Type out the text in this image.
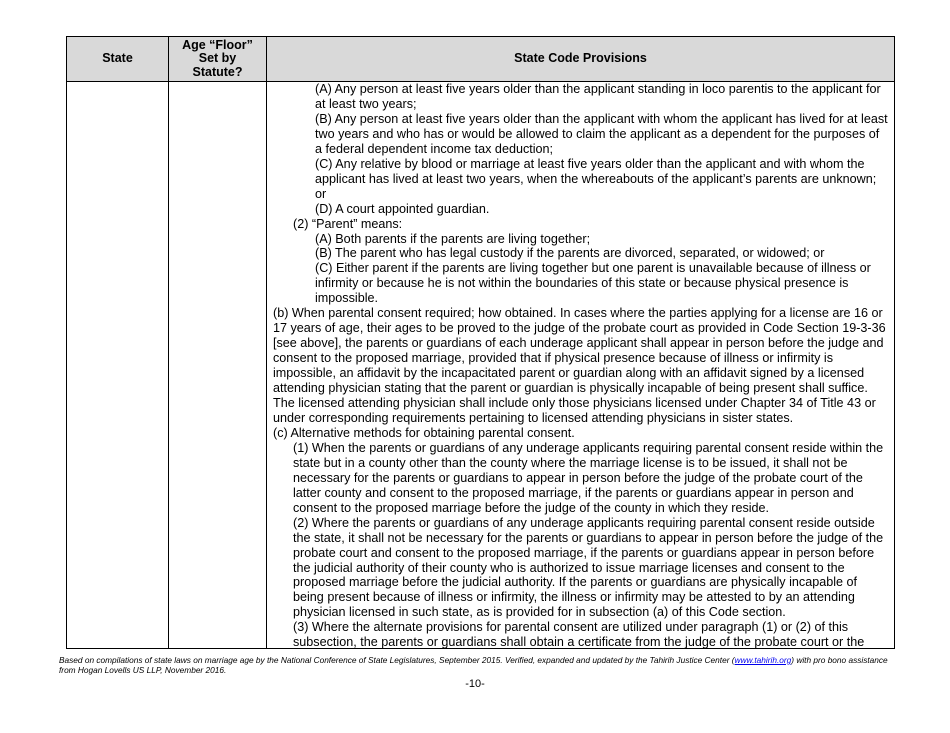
State
Age “Floor”
Set by
Statute?
State Code Provisions

(A) Any person at least five years older than the applicant standing in loco parentis to the applicant for at least two years;

(B) Any person at least five years older than the applicant with whom the applicant has lived for at least two years and who has or would be allowed to claim the applicant as a dependent for the purposes of a federal dependent income tax deduction;

(C) Any relative by blood or marriage at least five years older than the applicant and with whom the applicant has lived at least two years, when the whereabouts of the applicant’s parents are unknown; or

(D) A court appointed guardian.

(2) “Parent” means:

(A) Both parents if the parents are living together;

(B) The parent who has legal custody if the parents are divorced, separated, or widowed; or

(C) Either parent if the parents are living together but one parent is unavailable because of illness or infirmity or because he is not within the boundaries of this state or because physical presence is impossible.

(b) When parental consent required; how obtained. In cases where the parties applying for a license are 16 or 17 years of age, their ages to be proved to the judge of the probate court as provided in Code Section 19-3-36 [see above], the parents or guardians of each underage applicant shall appear in person before the judge and consent to the proposed marriage, provided that if physical presence because of illness or infirmity is impossible, an affidavit by the incapacitated parent or guardian along with an affidavit signed by a licensed attending physician stating that the parent or guardian is physically incapable of being present shall suffice. The licensed attending physician shall include only those physicians licensed under Chapter 34 of Title 43 or under corresponding requirements pertaining to licensed attending physicians in sister states.

(c) Alternative methods for obtaining parental consent.

(1) When the parents or guardians of any underage applicants requiring parental consent reside within the state but in a county other than the county where the marriage license is to be issued, it shall not be necessary for the parents or guardians to appear in person before the judge of the probate court of the latter county and consent to the proposed marriage, if the parents or guardians appear in person and consent to the proposed marriage before the judge of the county in which they reside.

(2) Where the parents or guardians of any underage applicants requiring parental consent reside outside the state, it shall not be necessary for the parents or guardians to appear in person before the judge of the probate court and consent to the proposed marriage, if the parents or guardians appear in person before the judicial authority of their county who is authorized to issue marriage licenses and consent to the proposed marriage before the judicial authority. If the parents or guardians are physically incapable of being present because of illness or infirmity, the illness or infirmity may be attested to by an attending physician licensed in such state, as is provided for in subsection (a) of this Code section.

(3) Where the alternate provisions for parental consent are utilized under paragraph (1) or (2) of this subsection, the parents or guardians shall obtain a certificate from the judge of the probate court or the

Based on compilations of state laws on marriage age by the National Conference of State Legislatures, September 2015. Verified, expanded and updated by the Tahirih Justice Center (www.tahirih.org) with pro bono assistance from Hogan Lovells US LLP, November 2016.
-10-
